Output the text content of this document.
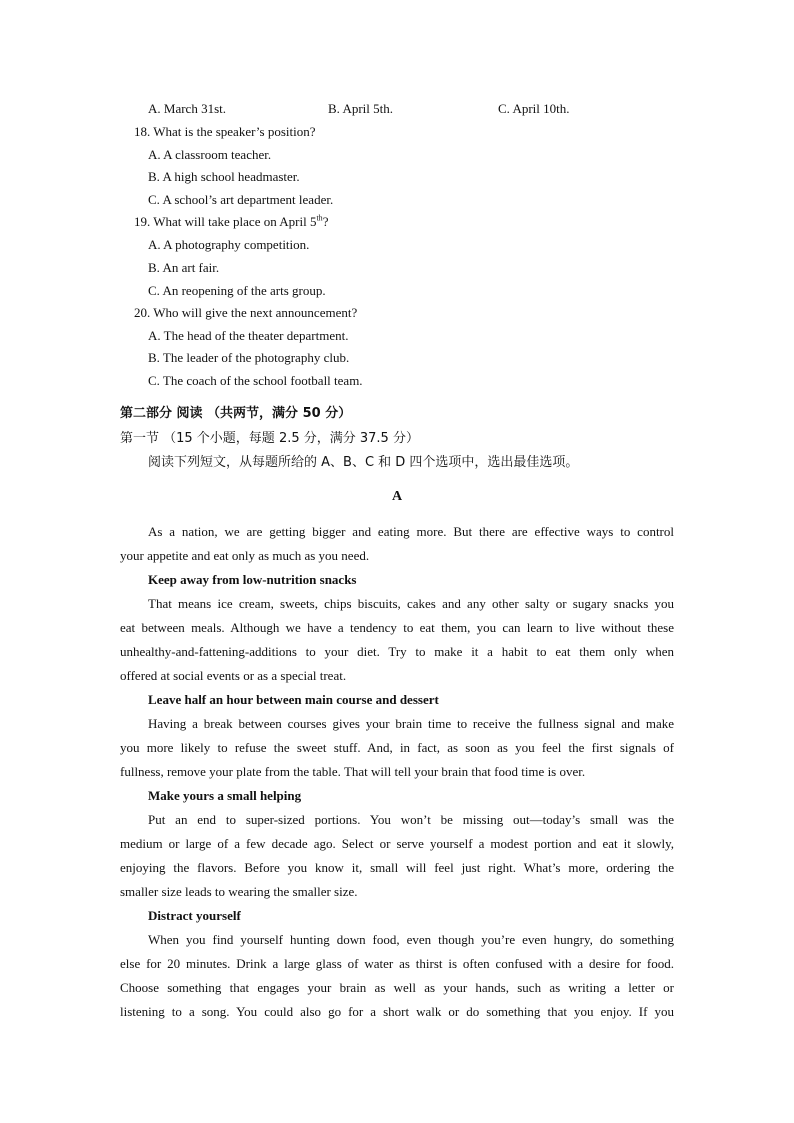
A. March 31st.	B. April 5th.	C. April 10th.
18. What is the speaker’s position?
A. A classroom teacher.
B. A high school headmaster.
C. A school’s art department leader.
19. What will take place on April 5th?
A. A photography competition.
B. An art fair.
C. An reopening of the arts group.
20. Who will give the next announcement?
A. The head of the theater department.
B. The leader of the photography club.
C. The coach of the school football team.
第二部分 阅读 （共两节，满分 50 分）
第一节 （15 个小题，每题 2.5 分，满分 37.5 分）
阅读下列短文，从每题所给的 A、B、C 和 D 四个选项中，选出最佳选项。
A
As a nation, we are getting bigger and eating more. But there are effective ways to control
your appetite and eat only as much as you need.
Keep away from low-nutrition snacks
That means ice cream, sweets, chips biscuits, cakes and any other salty or sugary snacks you
eat between meals. Although we have a tendency to eat them, you can learn to live without these
unhealthy-and-fattening-additions to your diet. Try to make it a habit to eat them only when
offered at social events or as a special treat.
Leave half an hour between main course and dessert
Having a break between courses gives your brain time to receive the fullness signal and make
you more likely to refuse the sweet stuff. And, in fact, as soon as you feel the first signals of
fullness, remove your plate from the table. That will tell your brain that food time is over.
Make yours a small helping
Put an end to super-sized portions. You won’t be missing out—today’s small was the
medium or large of a few decade ago. Select or serve yourself a modest portion and eat it slowly,
enjoying the flavors. Before you know it, small will feel just right. What’s more, ordering the
smaller size leads to wearing the smaller size.
Distract yourself
When you find yourself hunting down food, even though you’re even hungry, do something
else for 20 minutes. Drink a large glass of water as thirst is often confused with a desire for food.
Choose something that engages your brain as well as your hands, such as writing a letter or
listening to a song. You could also go for a short walk or do something that you enjoy. If you
